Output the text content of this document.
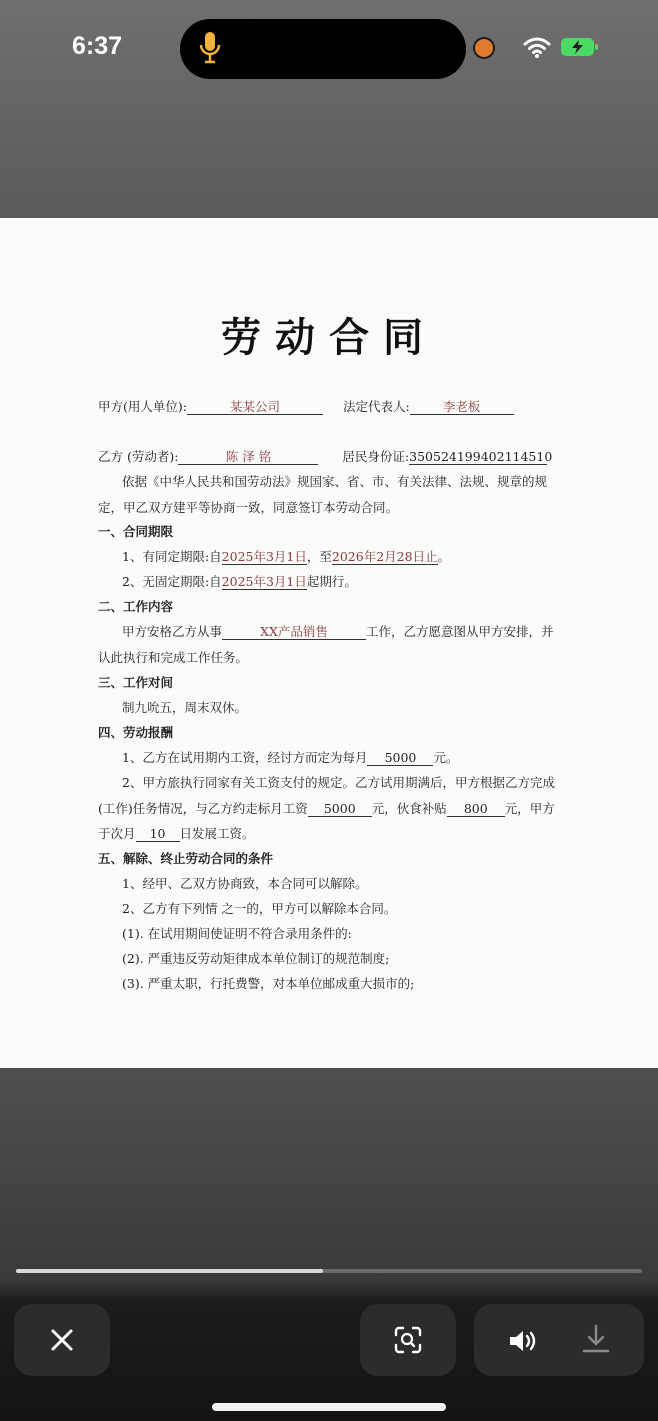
6:37
劳动合同
甲方(用人单位):	某某公司	法定代表人:	李老板
乙方 (劳动者):	陈 泽 铭	居民身份证:350524199402114510
依据《中华人民共和国劳动法》规国家、省、市、有关法律、法规、规章的规
定，甲乙双方建平等协商一致，同意签订本劳动合同。
一、合同期限
1、有同定期限:自2025年3月1日，至2026年2月28日止。
2、无固定期限:自2025年3月1日起期行。
二、工作内容
甲方安格乙方从事	XX产品销售	工作，乙方愿意图从甲方安排，并
认此执行和完成工作任务。
三、工作对间
制九吮五，周末双休。
四、劳动报酬
1、乙方在试用期内工资，经讨方而定为每月 5000 元。
2、甲方旅执行同家有关工资支付的规定。乙方试用期满后，甲方根据乙方完成
(工作)任务情况，与乙方约走标月工资 5000 元，伙食补贴 800 元，甲方
于次月 10 日发展工资。
五、解除、终止劳动合同的条件
1、经甲、乙双方协商致，本合同可以解除。
2、乙方有下列情 之一的，甲方可以解除本合同。
(1). 在试用期间使证明不符合录用条件的:
(2). 严重违反劳动矩律成本单位制订的规范制度;
(3). 严重太职，行托费警，对本单位邮成重大损市的;
